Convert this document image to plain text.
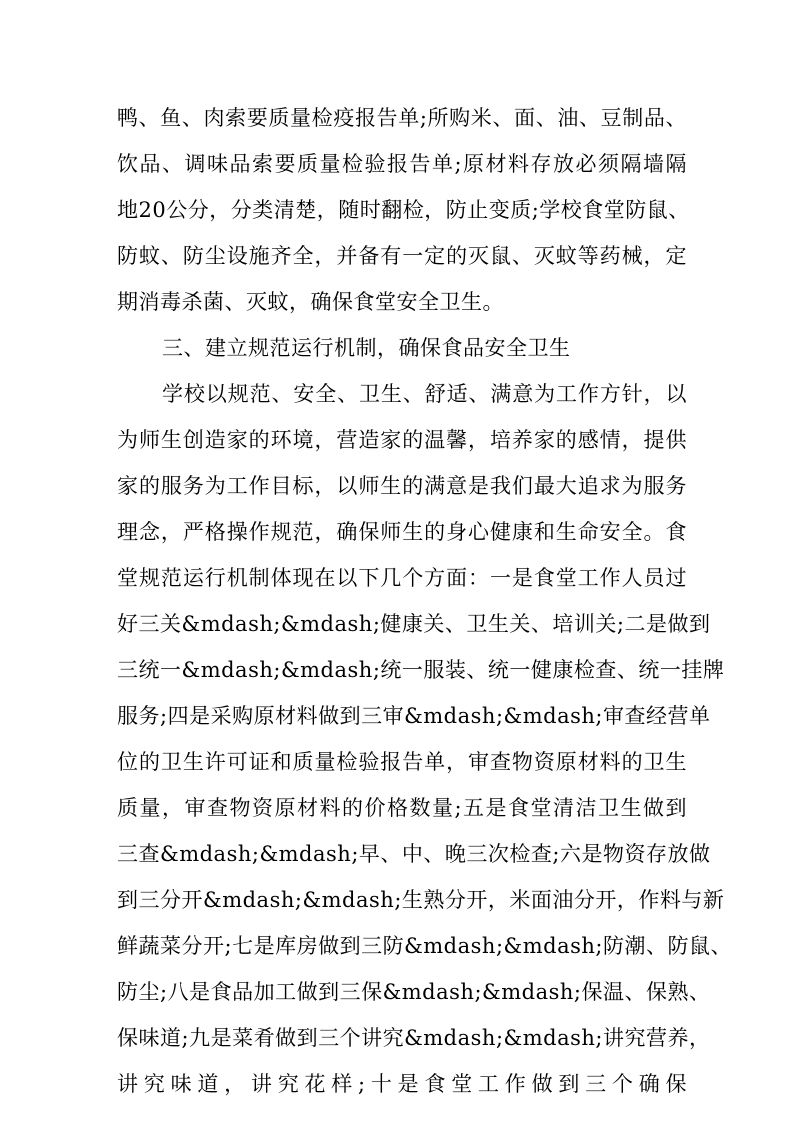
鸭、鱼、肉索要质量检疫报告单;所购米、面、油、豆制品、
饮品、调味品索要质量检验报告单;原材料存放必须隔墙隔
地20公分，分类清楚，随时翻检，防止变质;学校食堂防鼠、
防蚊、防尘设施齐全，并备有一定的灭鼠、灭蚊等药械，定
期消毒杀菌、灭蚊，确保食堂安全卫生。
三、建立规范运行机制，确保食品安全卫生
学校以规范、安全、卫生、舒适、满意为工作方针，以
为师生创造家的环境，营造家的温馨，培养家的感情，提供
家的服务为工作目标，以师生的满意是我们最大追求为服务
理念，严格操作规范，确保师生的身心健康和生命安全。食
堂规范运行机制体现在以下几个方面：一是食堂工作人员过
好三关&mdash;&mdash;健康关、卫生关、培训关;二是做到
三统一&mdash;&mdash;统一服装、统一健康检查、统一挂牌
服务;四是采购原材料做到三审&mdash;&mdash;审查经营单
位的卫生许可证和质量检验报告单，审查物资原材料的卫生
质量，审查物资原材料的价格数量;五是食堂清洁卫生做到
三查&mdash;&mdash;早、中、晚三次检查;六是物资存放做
到三分开&mdash;&mdash;生熟分开，米面油分开，作料与新
鲜蔬菜分开;七是库房做到三防&mdash;&mdash;防潮、防鼠、
防尘;八是食品加工做到三保&mdash;&mdash;保温、保熟、
保味道;九是菜肴做到三个讲究&mdash;&mdash;讲究营养，
讲究味道，讲究花样;十是食堂工作做到三个确保
